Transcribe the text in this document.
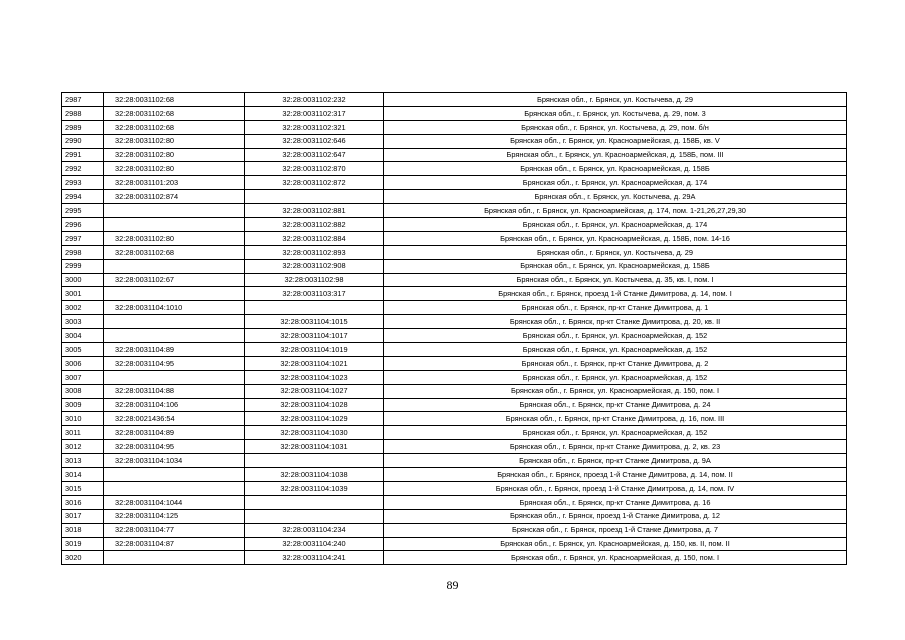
2987	32:28:0031102:68	32:28:0031102:232	Брянская обл., г. Брянск, ул. Костычева, д. 29
2988	32:28:0031102:68	32:28:0031102:317	Брянская обл., г. Брянск, ул. Костычева, д. 29, пом. 3
2989	32:28:0031102:68	32:28:0031102:321	Брянская обл., г. Брянск, ул. Костычева, д. 29, пом. б/н
2990	32:28:0031102:80	32:28:0031102:646	Брянская обл., г. Брянск, ул. Красноармейская, д. 158Б, кв. V
2991	32:28:0031102:80	32:28:0031102:647	Брянская обл., г. Брянск, ул. Красноармейская, д. 158Б, пом. III
2992	32:28:0031102:80	32:28:0031102:870	Брянская обл., г. Брянск, ул. Красноармейская, д. 158Б
2993	32:28:0031101:203	32:28:0031102:872	Брянская обл., г. Брянск, ул. Красноармейская, д. 174
2994	32:28:0031102:874		Брянская обл., г. Брянск, ул. Костычева, д. 29А
2995		32:28:0031102:881	Брянская обл., г. Брянск, ул. Красноармейская, д. 174, пом. 1-21,26,27,29,30
2996		32:28:0031102:882	Брянская обл., г. Брянск, ул. Красноармейская, д. 174
2997	32:28:0031102:80	32:28:0031102:884	Брянская обл., г. Брянск, ул. Красноармейская, д. 158Б, пом. 14-16
2998	32:28:0031102:68	32:28:0031102:893	Брянская обл., г. Брянск, ул. Костычева, д. 29
2999		32:28:0031102:908	Брянская обл., г. Брянск, ул. Красноармейская, д. 158Б
3000	32:28:0031102:67	32:28:0031102:98	Брянская обл., г. Брянск, ул. Костычева, д. 35, кв. I, пом. I
3001		32:28:0031103:317	Брянская обл., г. Брянск, проезд 1-й Станке Димитрова, д. 14, пом. I
3002	32:28:0031104:1010		Брянская обл., г. Брянск, пр-кт Станке Димитрова, д. 1
3003		32:28:0031104:1015	Брянская обл., г. Брянск, пр-кт Станке Димитрова, д. 20, кв. II
3004		32:28:0031104:1017	Брянская обл., г. Брянск, ул. Красноармейская, д. 152
3005	32:28:0031104:89	32:28:0031104:1019	Брянская обл., г. Брянск, ул. Красноармейская, д. 152
3006	32:28:0031104:95	32:28:0031104:1021	Брянская обл., г. Брянск, пр-кт Станке Димитрова, д. 2
3007		32:28:0031104:1023	Брянская обл., г. Брянск, ул. Красноармейская, д. 152
3008	32:28:0031104:88	32:28:0031104:1027	Брянская обл., г. Брянск, ул. Красноармейская, д. 150, пом. I
3009	32:28:0031104:106	32:28:0031104:1028	Брянская обл., г. Брянск, пр-кт Станке Димитрова, д. 24
3010	32:28:0021436:54	32:28:0031104:1029	Брянская обл., г. Брянск, пр-кт Станке Димитрова, д. 16, пом. III
3011	32:28:0031104:89	32:28:0031104:1030	Брянская обл., г. Брянск, ул. Красноармейская, д. 152
3012	32:28:0031104:95	32:28:0031104:1031	Брянская обл., г. Брянск, пр-кт Станке Димитрова, д. 2, кв. 23
3013	32:28:0031104:1034		Брянская обл., г. Брянск, пр-кт Станке Димитрова, д. 9А
3014		32:28:0031104:1038	Брянская обл., г. Брянск, проезд 1-й Станке Димитрова, д. 14, пом. II
3015		32:28:0031104:1039	Брянская обл., г. Брянск, проезд 1-й Станке Димитрова, д. 14, пом. IV
3016	32:28:0031104:1044		Брянская обл., г. Брянск, пр-кт Станке Димитрова, д. 16
3017	32:28:0031104:125		Брянская обл., г. Брянск, проезд 1-й Станке Димитрова, д. 12
3018	32:28:0031104:77	32:28:0031104:234	Брянская обл., г. Брянск, проезд 1-й Станке Димитрова, д. 7
3019	32:28:0031104:87	32:28:0031104:240	Брянская обл., г. Брянск, ул. Красноармейская, д. 150, кв. II, пом. II
3020		32:28:0031104:241	Брянская обл., г. Брянск, ул. Красноармейская, д. 150, пом. I
89
